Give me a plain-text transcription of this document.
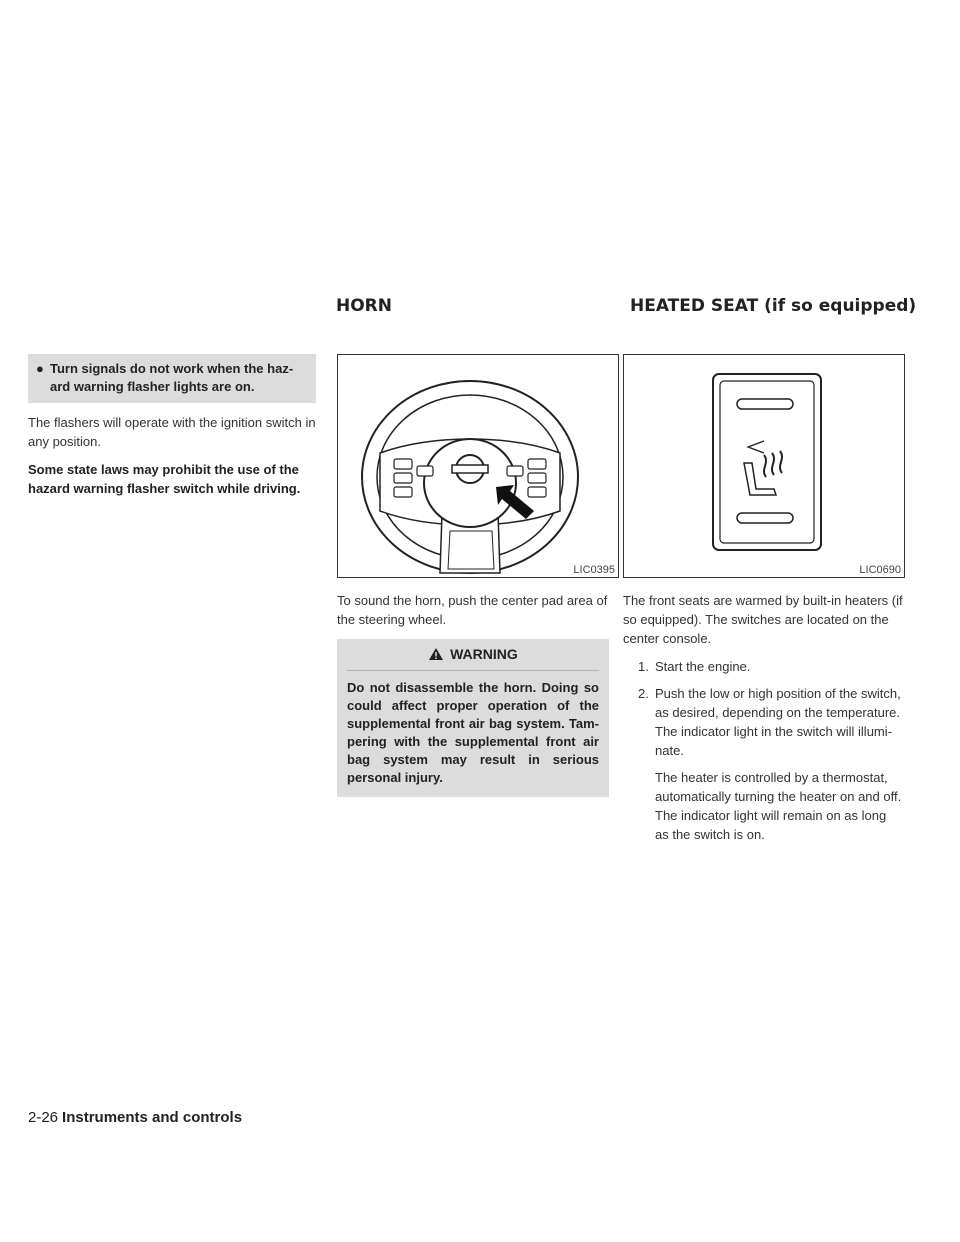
HORN	HEATED SEAT (if so equipped)
● Turn signals do not work when the haz-ard warning flasher lights are on.

The flashers will operate with the ignition switch in any position.

Some state laws may prohibit the use of the hazard warning flasher switch while driving.

LIC0395

To sound the horn, push the center pad area of the steering wheel.

WARNING
Do not disassemble the horn. Doing so could affect proper operation of the supplemental front air bag system. Tam-pering with the supplemental front air bag system may result in serious personal injury.
LIC0690

The front seats are warmed by built-in heaters (if so equipped). The switches are located on the center console.

1. Start the engine.

2. Push the low or high position of the switch, as desired, depending on the temperature. The indicator light in the switch will illumi-nate.

The heater is controlled by a thermostat, automatically turning the heater on and off. The indicator light will remain on as long as the switch is on.

2-26 Instruments and controls
